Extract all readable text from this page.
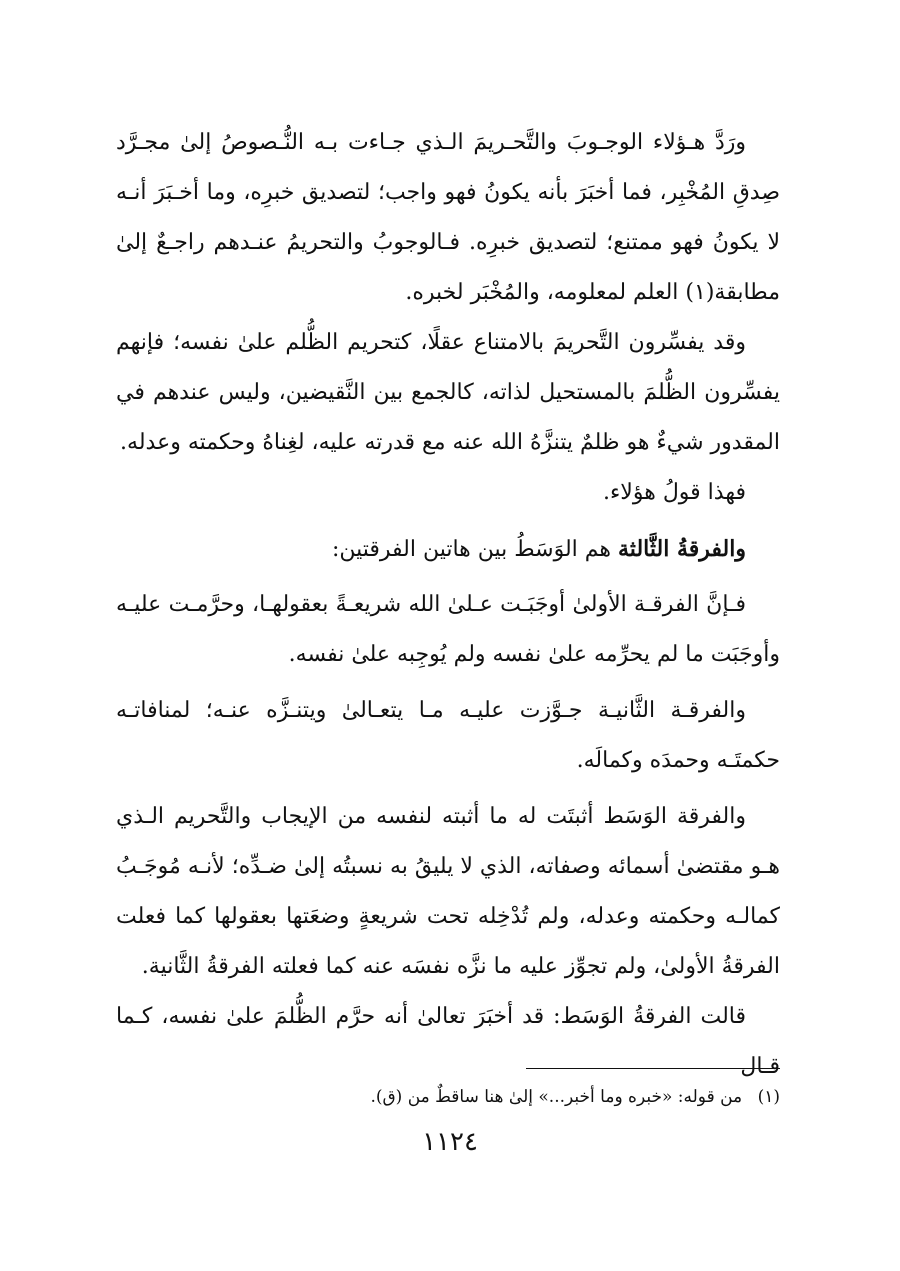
ورَدَّ هـؤلاء الوجـوبَ والتَّحـريمَ الـذي جـاءت بـه النُّـصوصُ إلىٰ مجـرَّد صِدقِ المُخْبِر، فما أخبَرَ بأنه يكونُ فهو واجب؛ لتصديق خبرِه، وما أخـبَرَ أنـه لا يكونُ فهو ممتنع؛ لتصديق خبرِه. فـالوجوبُ والتحريمُ عنـدهم راجـعٌ إلىٰ مطابقة(١) العلم لمعلومه، والمُخْبَر لخبره.

وقد يفسِّرون التَّحريمَ بالامتناع عقلًا، كتحريم الظُّلم علىٰ نفسه؛ فإنهم يفسِّرون الظُّلمَ بالمستحيل لذاته، كالجمع بين النَّقيضين، وليس عندهم في المقدور شيءٌ هو ظلمٌ يتنزَّهُ الله عنه مع قدرته عليه، لغِناهُ وحكمته وعدله.

فهذا قولُ هؤلاء.

والفرقةُ الثَّالثة هم الوَسَطُ بين هاتين الفرقتين:

فـإنَّ الفرقـة الأولىٰ أوجَبَـت عـلىٰ الله شريعـةً بعقولهـا، وحرَّمـت عليـه وأوجَبَت ما لم يحرِّمه علىٰ نفسه ولم يُوجِبه علىٰ نفسه.

والفرقـة الثَّانيـة جـوَّزت عليـه مـا يتعـالىٰ ويتنـزَّه عنـه؛ لمنافاتـه حكمتَـه وحمدَه وكمالَه.

والفرقة الوَسَط أثبتَت له ما أثبته لنفسه من الإيجاب والتَّحريم الـذي هـو مقتضىٰ أسمائه وصفاته، الذي لا يليقُ به نسبتُه إلىٰ ضـدِّه؛ لأنـه مُوجَـبُ كمالـه وحكمته وعدله، ولم تُدْخِله تحت شريعةٍ وضعَتها بعقولها كما فعلت الفرقةُ الأولىٰ، ولم تجوِّز عليه ما نزَّه نفسَه عنه كما فعلته الفرقةُ الثَّانية.

قالت الفرقةُ الوَسَط: قد أخبَرَ تعالىٰ أنه حرَّم الظُّلمَ علىٰ نفسه، كـما قـال

(١) من قوله: «خبره وما أخبر...» إلىٰ هنا ساقطٌ من (ق).

١١٢٤
